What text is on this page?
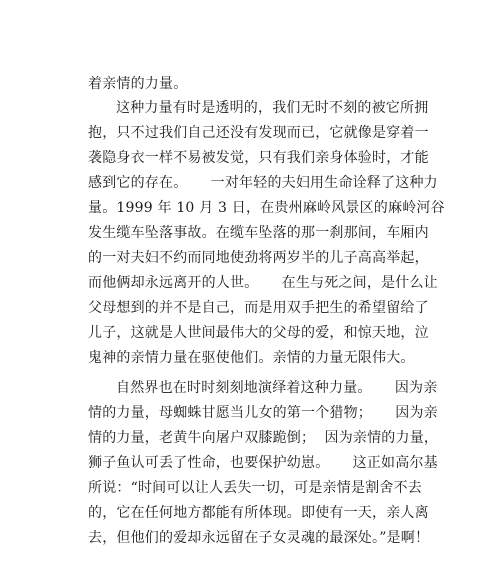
着亲情的力量。
这种力量有时是透明的，我们无时不刻的被它所拥
抱，只不过我们自己还没有发现而已，它就像是穿着一
袭隐身衣一样不易被发觉，只有我们亲身体验时，才能
感到它的存在。     一对年轻的夫妇用生命诠释了这种力
量。1999 年 10 月 3 日，在贵州麻岭风景区的麻岭河谷
发生缆车坠落事故。在缆车坠落的那一刹那间，车厢内
的一对夫妇不约而同地使劲将两岁半的儿子高高举起，
而他俩却永远离开的人世。     在生与死之间，是什么让
父母想到的并不是自己，而是用双手把生的希望留给了
儿子，这就是人世间最伟大的父母的爱，和惊天地，泣
鬼神的亲情力量在驱使他们。亲情的力量无限伟大。
自然界也在时时刻刻地演绎着这种力量。     因为亲
情的力量，母蜘蛛甘愿当儿女的第一个猎物；     因为亲
情的力量，老黄牛向屠户双膝跪倒；  因为亲情的力量，
狮子鱼认可丢了性命，也要保护幼崽。     这正如高尔基
所说：“时间可以让人丢失一切，可是亲情是割舍不去
的，它在任何地方都能有所体现。即使有一天，亲人离
去，但他们的爱却永远留在子女灵魂的最深处。”是啊！
